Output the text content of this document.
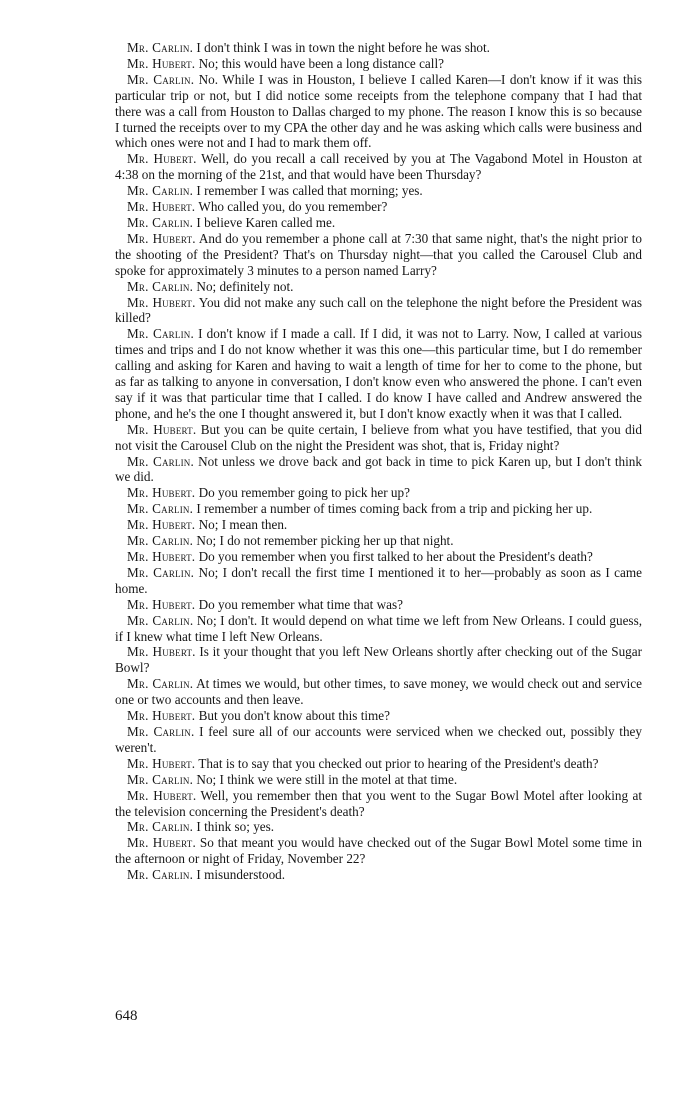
Mr. Carlin. I don't think I was in town the night before he was shot.

Mr. Hubert. No; this would have been a long distance call?

Mr. Carlin. No. While I was in Houston, I believe I called Karen—I don't know if it was this particular trip or not, but I did notice some receipts from the telephone company that I had that there was a call from Houston to Dallas charged to my phone. The reason I know this is so because I turned the receipts over to my CPA the other day and he was asking which calls were business and which ones were not and I had to mark them off.

Mr. Hubert. Well, do you recall a call received by you at The Vagabond Motel in Houston at 4:38 on the morning of the 21st, and that would have been Thursday?

Mr. Carlin. I remember I was called that morning; yes.

Mr. Hubert. Who called you, do you remember?

Mr. Carlin. I believe Karen called me.

Mr. Hubert. And do you remember a phone call at 7:30 that same night, that's the night prior to the shooting of the President? That's on Thursday night—that you called the Carousel Club and spoke for approximately 3 minutes to a person named Larry?

Mr. Carlin. No; definitely not.

Mr. Hubert. You did not make any such call on the telephone the night before the President was killed?

Mr. Carlin. I don't know if I made a call. If I did, it was not to Larry. Now, I called at various times and trips and I do not know whether it was this one—this particular time, but I do remember calling and asking for Karen and having to wait a length of time for her to come to the phone, but as far as talking to anyone in conversation, I don't know even who answered the phone. I can't even say if it was that particular time that I called. I do know I have called and Andrew answered the phone, and he's the one I thought answered it, but I don't know exactly when it was that I called.

Mr. Hubert. But you can be quite certain, I believe from what you have testified, that you did not visit the Carousel Club on the night the President was shot, that is, Friday night?

Mr. Carlin. Not unless we drove back and got back in time to pick Karen up, but I don't think we did.

Mr. Hubert. Do you remember going to pick her up?

Mr. Carlin. I remember a number of times coming back from a trip and picking her up.

Mr. Hubert. No; I mean then.

Mr. Carlin. No; I do not remember picking her up that night.

Mr. Hubert. Do you remember when you first talked to her about the President's death?

Mr. Carlin. No; I don't recall the first time I mentioned it to her—probably as soon as I came home.

Mr. Hubert. Do you remember what time that was?

Mr. Carlin. No; I don't. It would depend on what time we left from New Orleans. I could guess, if I knew what time I left New Orleans.

Mr. Hubert. Is it your thought that you left New Orleans shortly after checking out of the Sugar Bowl?

Mr. Carlin. At times we would, but other times, to save money, we would check out and service one or two accounts and then leave.

Mr. Hubert. But you don't know about this time?

Mr. Carlin. I feel sure all of our accounts were serviced when we checked out, possibly they weren't.

Mr. Hubert. That is to say that you checked out prior to hearing of the President's death?

Mr. Carlin. No; I think we were still in the motel at that time.

Mr. Hubert. Well, you remember then that you went to the Sugar Bowl Motel after looking at the television concerning the President's death?

Mr. Carlin. I think so; yes.

Mr. Hubert. So that meant you would have checked out of the Sugar Bowl Motel some time in the afternoon or night of Friday, November 22?

Mr. Carlin. I misunderstood.

648
